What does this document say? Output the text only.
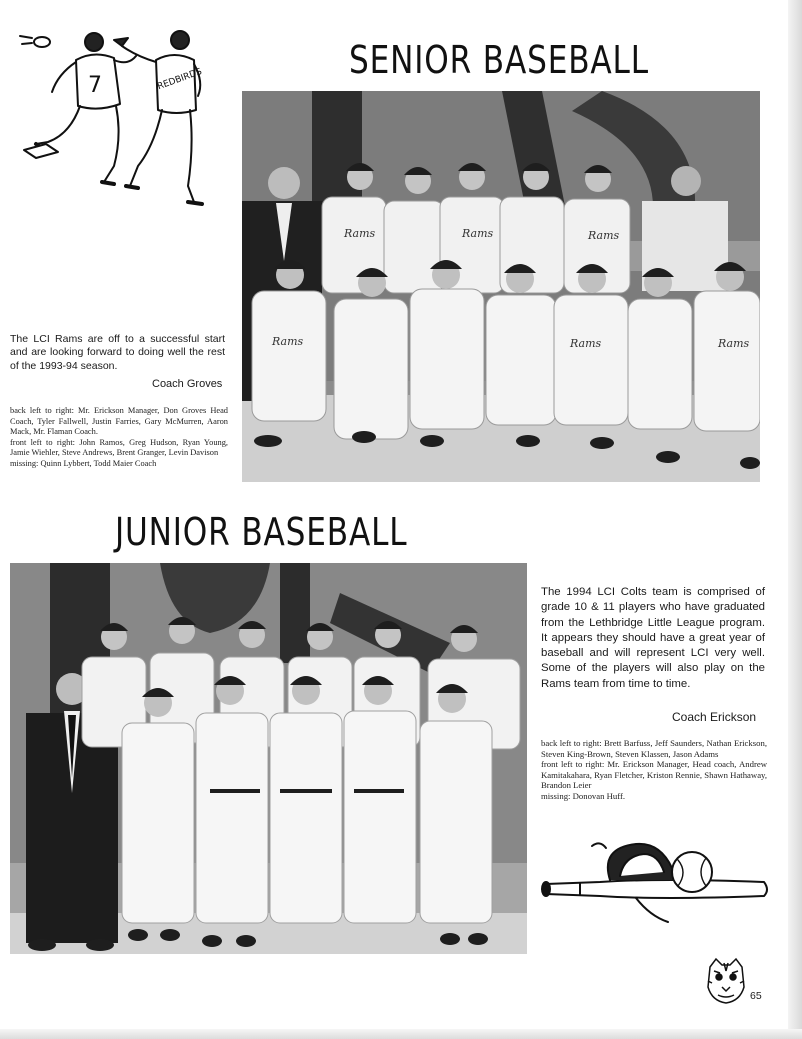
7	REDBIRDS	SENIOR BASEBALL
Rams	Rams	Rams
Rams	Rams	Rams
The LCI Rams are off to a successful start and are looking forward to doing well the rest of the 1993-94 season.
Coach Groves
back left to right: Mr. Erickson Manager, Don Groves Head Coach, Tyler Fallwell, Justin Farries, Gary McMurren, Aaron Mack, Mr. Flaman Coach.
front left to right: John Ramos, Greg Hudson, Ryan Young, Jamie Wiehler, Steve Andrews, Brent Granger, Levin Davison
missing: Quinn Lybbert, Todd Maier Coach
JUNIOR BASEBALL
The 1994 LCI Colts team is comprised of grade 10 & 11 players who have graduated from the Lethbridge Little League program. It appears they should have a great year of baseball and will represent LCI very well. Some of the players will also play on the Rams team from time to time.
Coach Erickson
back left to right: Brett Barfuss, Jeff Saunders, Nathan Erickson, Steven King-Brown, Steven Klassen, Jason Adams
front left to right: Mr. Erickson Manager, Head coach, Andrew Kamitakahara, Ryan Fletcher, Kriston Rennie, Shawn Hathaway, Brandon Leier
missing: Donovan Huff.
65
